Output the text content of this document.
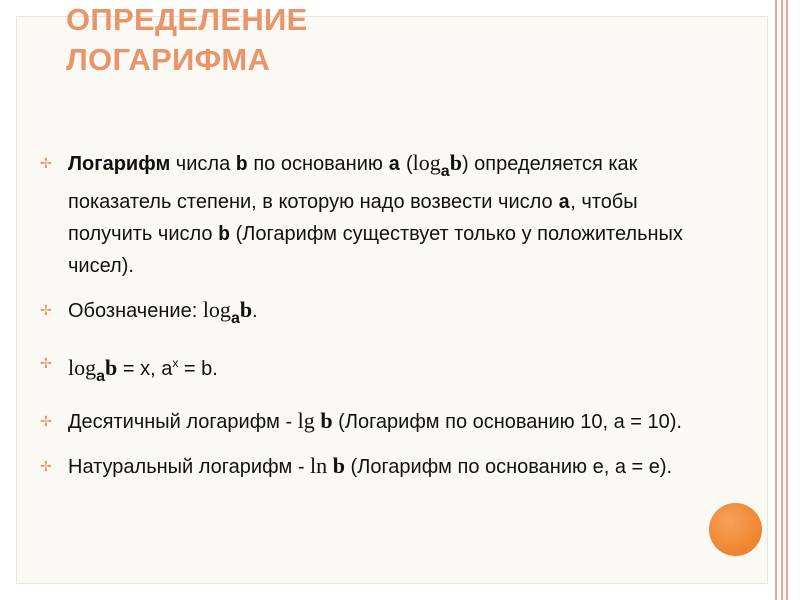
ОПРЕДЕЛЕНИЕ
ЛОГАРИФМА
✢ Логарифм числа b по основанию a $(\log_ab)$ определяется как показатель степени, в которую надо возвести число a, чтобы получить число b (Логарифм существует только у положительных чисел).
✢ Обозначение: $\log_ab$.
✢ $\log_ab = x$, $a^x = b$.
✢ Десятичный логарифм - lg b (Логарифм по основанию 10, a = 10).
✢ Натуральный логарифм - ln b (Логарифм по основанию e, a = e).
